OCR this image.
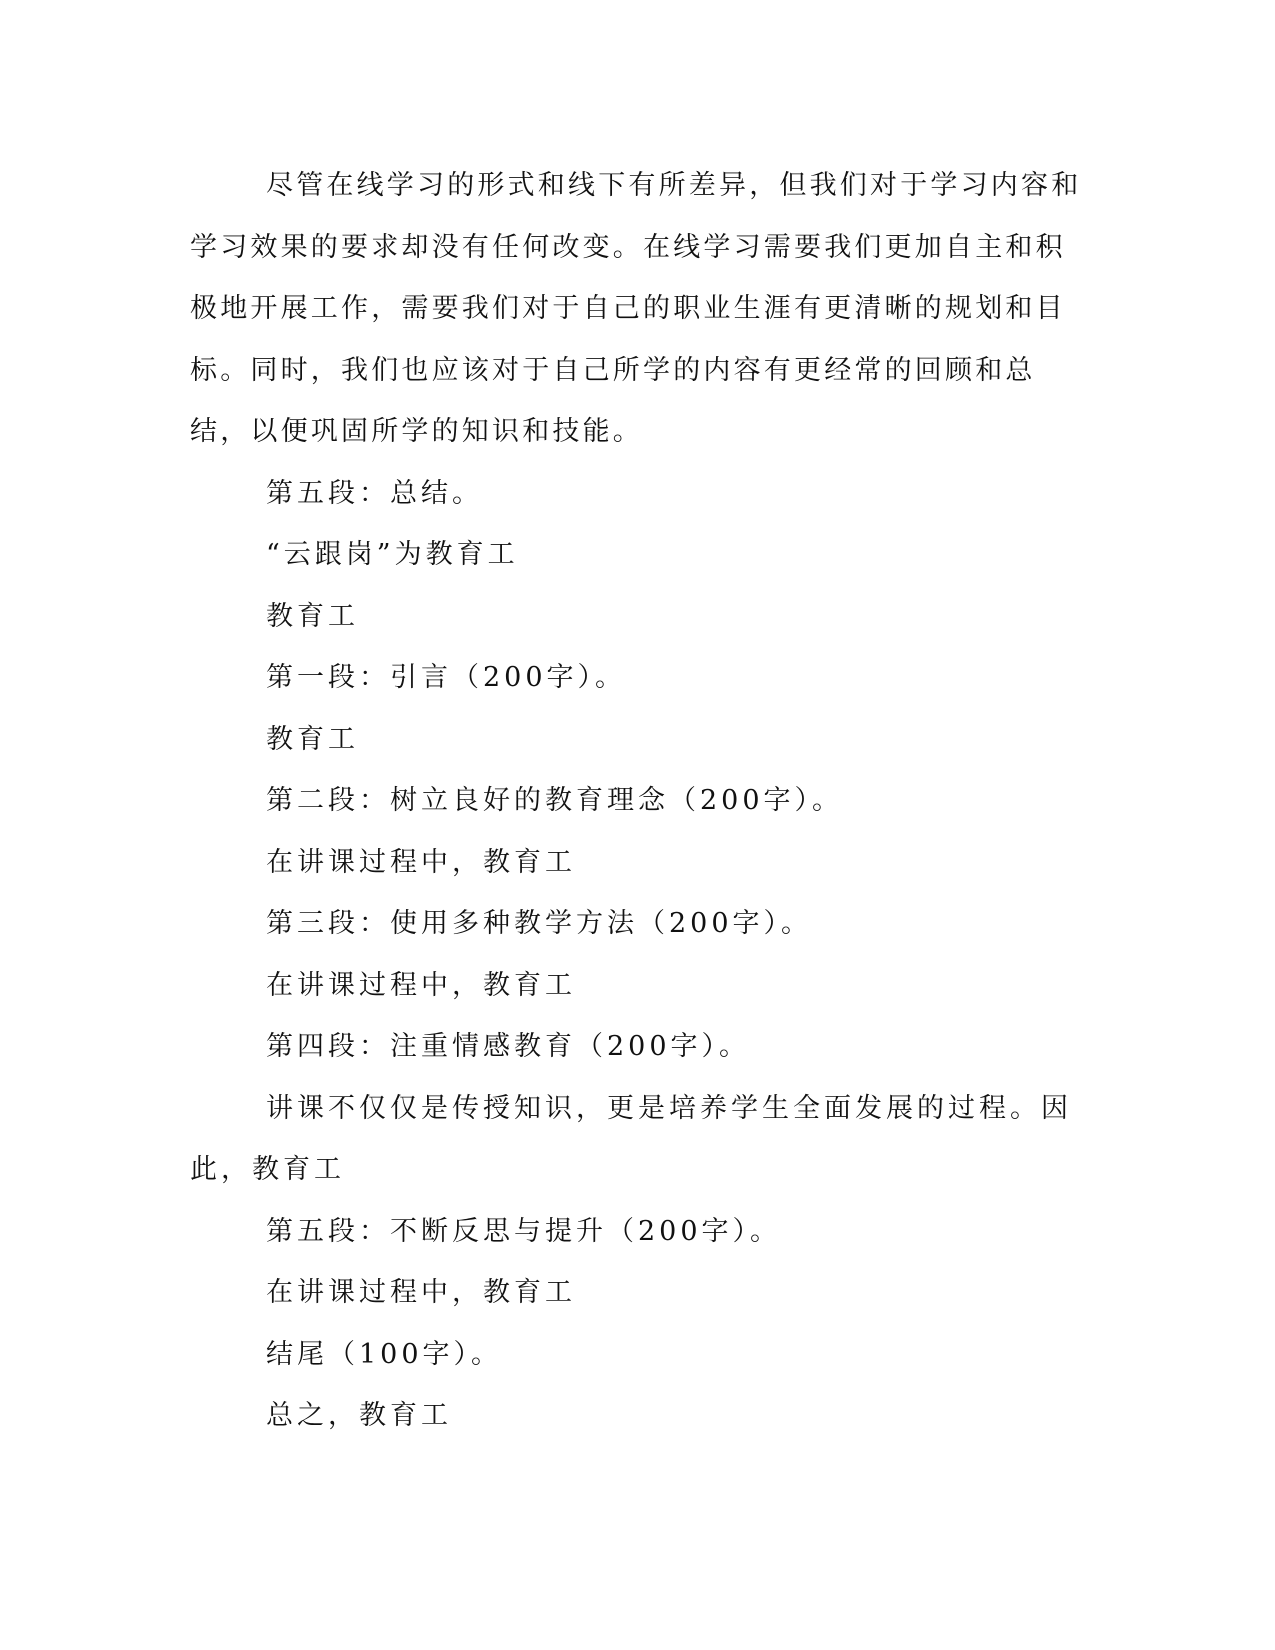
尽管在线学习的形式和线下有所差异，但我们对于学习内容和学习效果的要求却没有任何改变。在线学习需要我们更加自主和积极地开展工作，需要我们对于自己的职业生涯有更清晰的规划和目标。同时，我们也应该对于自己所学的内容有更经常的回顾和总结，以便巩固所学的知识和技能。

第五段：总结。

“云跟岗”为教育工

教育工

第一段：引言（200字）。

教育工

第二段：树立良好的教育理念（200字）。

在讲课过程中，教育工

第三段：使用多种教学方法（200字）。

在讲课过程中，教育工

第四段：注重情感教育（200字）。

讲课不仅仅是传授知识，更是培养学生全面发展的过程。因此，教育工

第五段：不断反思与提升（200字）。

在讲课过程中，教育工

结尾（100字）。

总之，教育工
